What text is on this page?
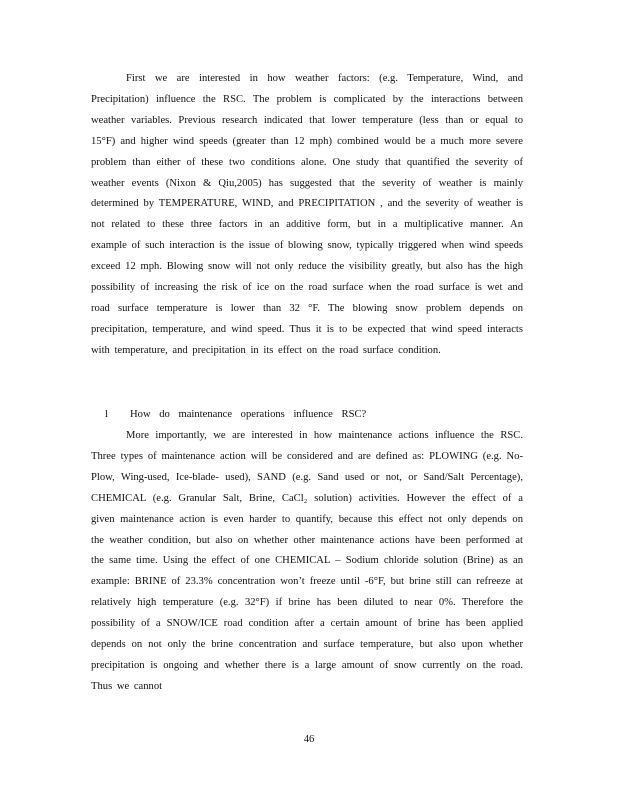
First we are interested in how weather factors: (e.g. Temperature, Wind, and Precipitation) influence the RSC. The problem is complicated by the interactions between weather variables. Previous research indicated that lower temperature (less than or equal to 15°F) and higher wind speeds (greater than 12 mph) combined would be a much more severe problem than either of these two conditions alone. One study that quantified the severity of weather events (Nixon & Qiu,2005) has suggested that the severity of weather is mainly determined by TEMPERATURE, WIND, and PRECIPITATION , and the severity of weather is not related to these three factors in an additive form, but in a multiplicative manner. An example of such interaction is the issue of blowing snow, typically triggered when wind speeds exceed 12 mph. Blowing snow will not only reduce the visibility greatly, but also has the high possibility of increasing the risk of ice on the road surface when the road surface is wet and road surface temperature is lower than 32 °F. The blowing snow problem depends on precipitation, temperature, and wind speed. Thus it is to be expected that wind speed interacts with temperature, and precipitation in its effect on the road surface condition.

l How do maintenance operations influence RSC?

More importantly, we are interested in how maintenance actions influence the RSC. Three types of maintenance action will be considered and are defined as: PLOWING (e.g. No-Plow, Wing-used, Ice-blade- used), SAND (e.g. Sand used or not, or Sand/Salt Percentage), CHEMICAL (e.g. Granular Salt, Brine, CaCl₂ solution) activities. However the effect of a given maintenance action is even harder to quantify, because this effect not only depends on the weather condition, but also on whether other maintenance actions have been performed at the same time. Using the effect of one CHEMICAL – Sodium chloride solution (Brine) as an example: BRINE of 23.3% concentration won’t freeze until -6°F, but brine still can refreeze at relatively high temperature (e.g. 32°F) if brine has been diluted to near 0%. Therefore the possibility of a SNOW/ICE road condition after a certain amount of brine has been applied depends on not only the brine concentration and surface temperature, but also upon whether precipitation is ongoing and whether there is a large amount of snow currently on the road. Thus we cannot

46
